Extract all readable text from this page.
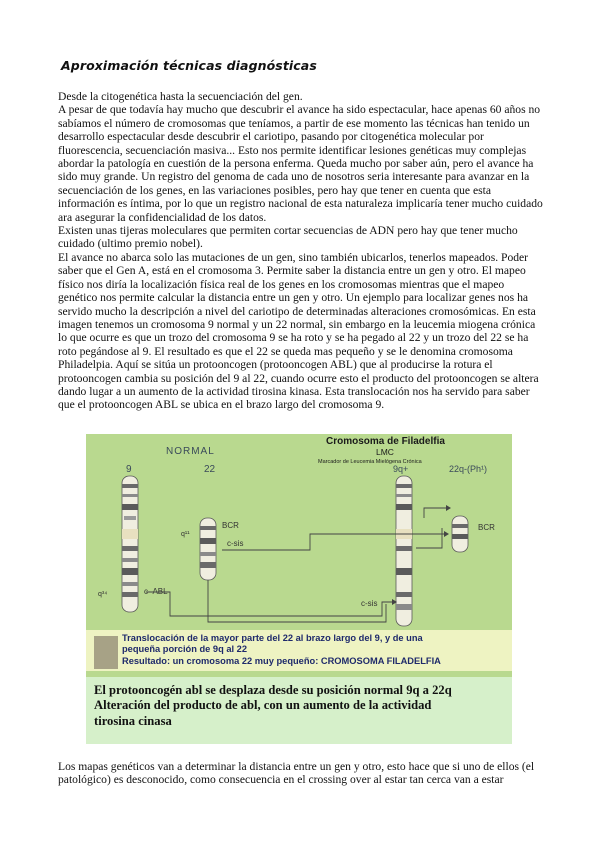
Aproximación técnicas diagnósticas

Desde la citogenética hasta la secuenciación del gen.

A pesar de que todavía hay mucho que descubrir el avance ha sido espectacular, hace apenas 60 años no sabíamos el número de cromosomas que teníamos, a partir de ese momento las técnicas han tenido un desarrollo espectacular desde descubrir el cariotipo, pasando por citogenética molecular por fluorescencia, secuenciación masiva... Esto nos permite identificar lesiones genéticas muy complejas abordar la patología en cuestión de la persona enferma. Queda mucho por saber aún, pero el avance ha sido muy grande. Un registro del genoma de cada uno de nosotros seria interesante para avanzar en la secuenciación de los genes, en las variaciones posibles, pero hay que tener en cuenta que esta información es íntima, por lo que un registro nacional de esta naturaleza implicaría tener mucho cuidado ara asegurar la confidencialidad de los datos.

Existen unas tijeras moleculares que permiten cortar secuencias de ADN pero hay que tener mucho cuidado (ultimo premio nobel).

El avance no abarca solo las mutaciones de un gen, sino también ubicarlos, tenerlos mapeados. Poder saber que el Gen A, está en el cromosoma 3. Permite saber la distancia entre un gen y otro. El mapeo físico nos diría la localización física real de los genes en los cromosomas mientras que el mapeo genético nos permite calcular la distancia entre un gen y otro. Un ejemplo para localizar genes nos ha servido mucho la descripción a nivel del cariotipo de determinadas alteraciones cromosómicas. En esta imagen tenemos un cromosoma 9 normal y un 22 normal, sin embargo en la leucemia miogena crónica lo que ocurre es que un trozo del cromosoma 9 se ha roto y se ha pegado al 22 y un trozo del 22 se ha roto pegándose al 9. El resultado es que el 22 se queda mas pequeño y se le denomina cromosoma Philadelpia. Aquí se sitúa un protooncogen (protooncogen ABL) que al producirse la rotura el protooncogen cambia su posición del 9 al 22, cuando ocurre esto el producto del protooncogen se altera dando lugar a un aumento de la actividad tirosina kinasa. Esta translocación nos ha servido para saber que el protooncogen ABL se ubica en el brazo largo del cromosoma 9.

NORMAL
9	22
Cromosoma de Filadelfia
LMC
Marcador de Leucemia Mielógena Crónica
9q+	22q-(Ph¹)
q³⁴	c- ABL
q¹¹
BCR
c-sis
c-sis
BCR
Translocación de la mayor parte del 22 al brazo largo del 9, y de una
pequeña porción de 9q al 22
Resultado: un cromosoma 22 muy pequeño: CROMOSOMA FILADELFIA
El protooncogén abl se desplaza desde su posición normal 9q a 22q
Alteración del producto de abl, con un aumento de la actividad
tirosina cinasa
Los mapas genéticos van a determinar la distancia entre un gen y otro, esto hace que si uno de ellos (el patológico) es desconocido, como consecuencia en el crossing over al estar tan cerca van a estar
